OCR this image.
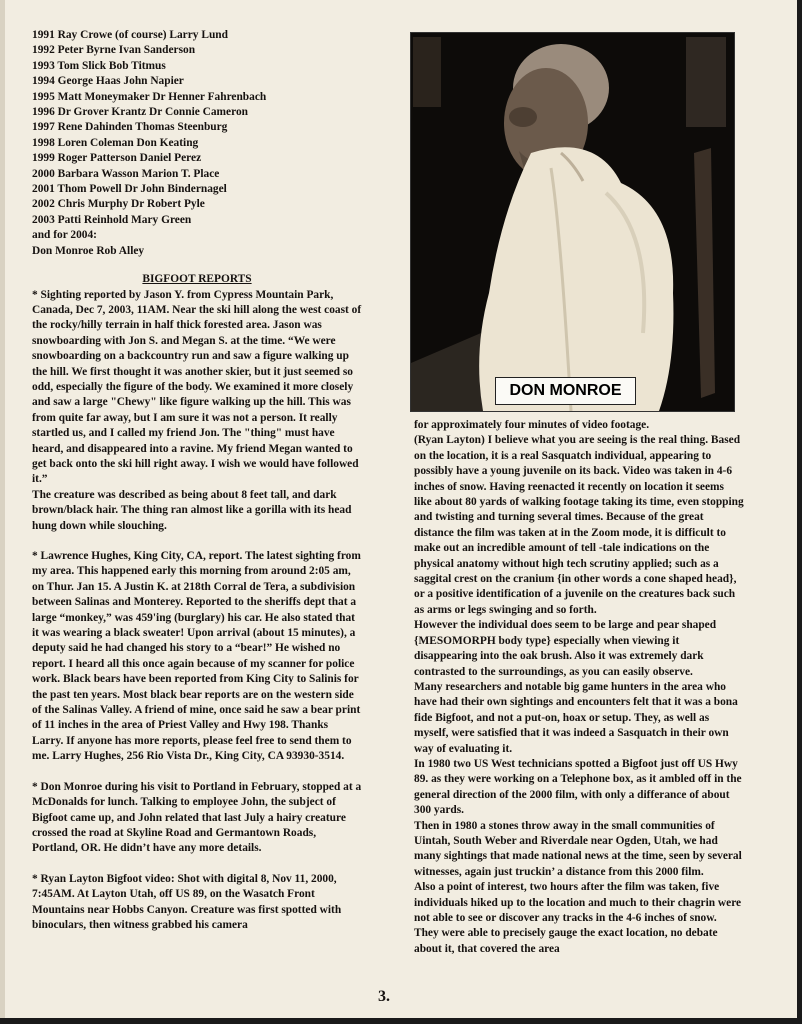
1991 Ray Crowe (of course) Larry Lund
1992 Peter Byrne Ivan Sanderson
1993 Tom Slick Bob Titmus
1994 George Haas John Napier
1995 Matt Moneymaker Dr Henner Fahrenbach
1996 Dr Grover Krantz Dr Connie Cameron
1997 Rene Dahinden Thomas Steenburg
1998 Loren Coleman Don Keating
1999 Roger Patterson Daniel Perez
2000 Barbara Wasson Marion T. Place
2001 Thom Powell Dr John Bindernagel
2002 Chris Murphy Dr Robert Pyle
2003 Patti Reinhold Mary Green
and for 2004:
Don Monroe Rob Alley
BIGFOOT REPORTS

* Sighting reported by Jason Y. from Cypress Mountain Park, Canada, Dec 7, 2003, 11AM. Near the ski hill along the west coast of the rocky/hilly terrain in half thick forested area. Jason was snowboarding with Jon S. and Megan S. at the time. “We were snowboarding on a backcountry run and saw a figure walking up the hill. We first thought it was another skier, but it just seemed so odd, especially the figure of the body. We examined it more closely and saw a large "Chewy" like figure walking up the hill. This was from quite far away, but I am sure it was not a person. It really startled us, and I called my friend Jon. The "thing" must have heard, and disappeared into a ravine. My friend Megan wanted to get back onto the ski hill right away. I wish we would have followed it.”

The creature was described as being about 8 feet tall, and dark brown/black hair. The thing ran almost like a gorilla with its head hung down while slouching.

* Lawrence Hughes, King City, CA, report. The latest sighting from my area. This happened early this morning from around 2:05 am, on Thur. Jan 15. A Justin K. at 218th Corral de Tera, a subdivision between Salinas and Monterey. Reported to the sheriffs dept that a large “monkey,” was 459'ing (burglary) his car. He also stated that it was wearing a black sweater! Upon arrival (about 15 minutes), a deputy said he had changed his story to a “bear!” He wished no report. I heard all this once again because of my scanner for police work. Black bears have been reported from King City to Salinis for the past ten years. Most black bear reports are on the western side of the Salinas Valley. A friend of mine, once said he saw a bear print of 11 inches in the area of Priest Valley and Hwy 198. Thanks Larry. If anyone has more reports, please feel free to send them to me. Larry Hughes, 256 Rio Vista Dr., King City, CA 93930-3514.

* Don Monroe during his visit to Portland in February, stopped at a McDonalds for lunch. Talking to employee John, the subject of Bigfoot came up, and John related that last July a hairy creature crossed the road at Skyline Road and Germantown Roads, Portland, OR. He didn’t have any more details.

* Ryan Layton Bigfoot video: Shot with digital 8, Nov 11, 2000, 7:45AM. At Layton Utah, off US 89, on the Wasatch Front Mountains near Hobbs Canyon. Creature was first spotted with binoculars, then witness grabbed his camera

DON MONROE

for approximately four minutes of video footage.

(Ryan Layton) I believe what you are seeing is the real thing. Based on the location, it is a real Sasquatch individual, appearing to possibly have a young juvenile on its back. Video was taken in 4-6 inches of snow. Having reenacted it recently on location it seems like about 80 yards of walking footage taking its time, even stopping and twisting and turning several times. Because of the great distance the film was taken at in the Zoom mode, it is difficult to make out an incredible amount of tell -tale indications on the physical anatomy without high tech scrutiny applied; such as a saggital crest on the cranium {in other words a cone shaped head}, or a positive identification of a juvenile on the creatures back such as arms or legs swinging and so forth.

However the individual does seem to be large and pear shaped {MESOMORPH body type} especially when viewing it disappearing into the oak brush. Also it was extremely dark contrasted to the surroundings, as you can easily observe.

Many researchers and notable big game hunters in the area who have had their own sightings and encounters felt that it was a bona fide Bigfoot, and not a put-on, hoax or setup. They, as well as myself, were satisfied that it was indeed a Sasquatch in their own way of evaluating it.

In 1980 two US West technicians spotted a Bigfoot just off US Hwy 89. as they were working on a Telephone box, as it ambled off in the general direction of the 2000 film, with only a differance of about 300 yards.

Then in 1980 a stones throw away in the small communities of Uintah, South Weber and Riverdale near Ogden, Utah, we had many sightings that made national news at the time, seen by several witnesses, again just truckin’ a distance from this 2000 film.

Also a point of interest, two hours after the film was taken, five individuals hiked up to the location and much to their chagrin were not able to see or discover any tracks in the 4-6 inches of snow. They were able to precisely gauge the exact location, no debate about it, that covered the area

3.
